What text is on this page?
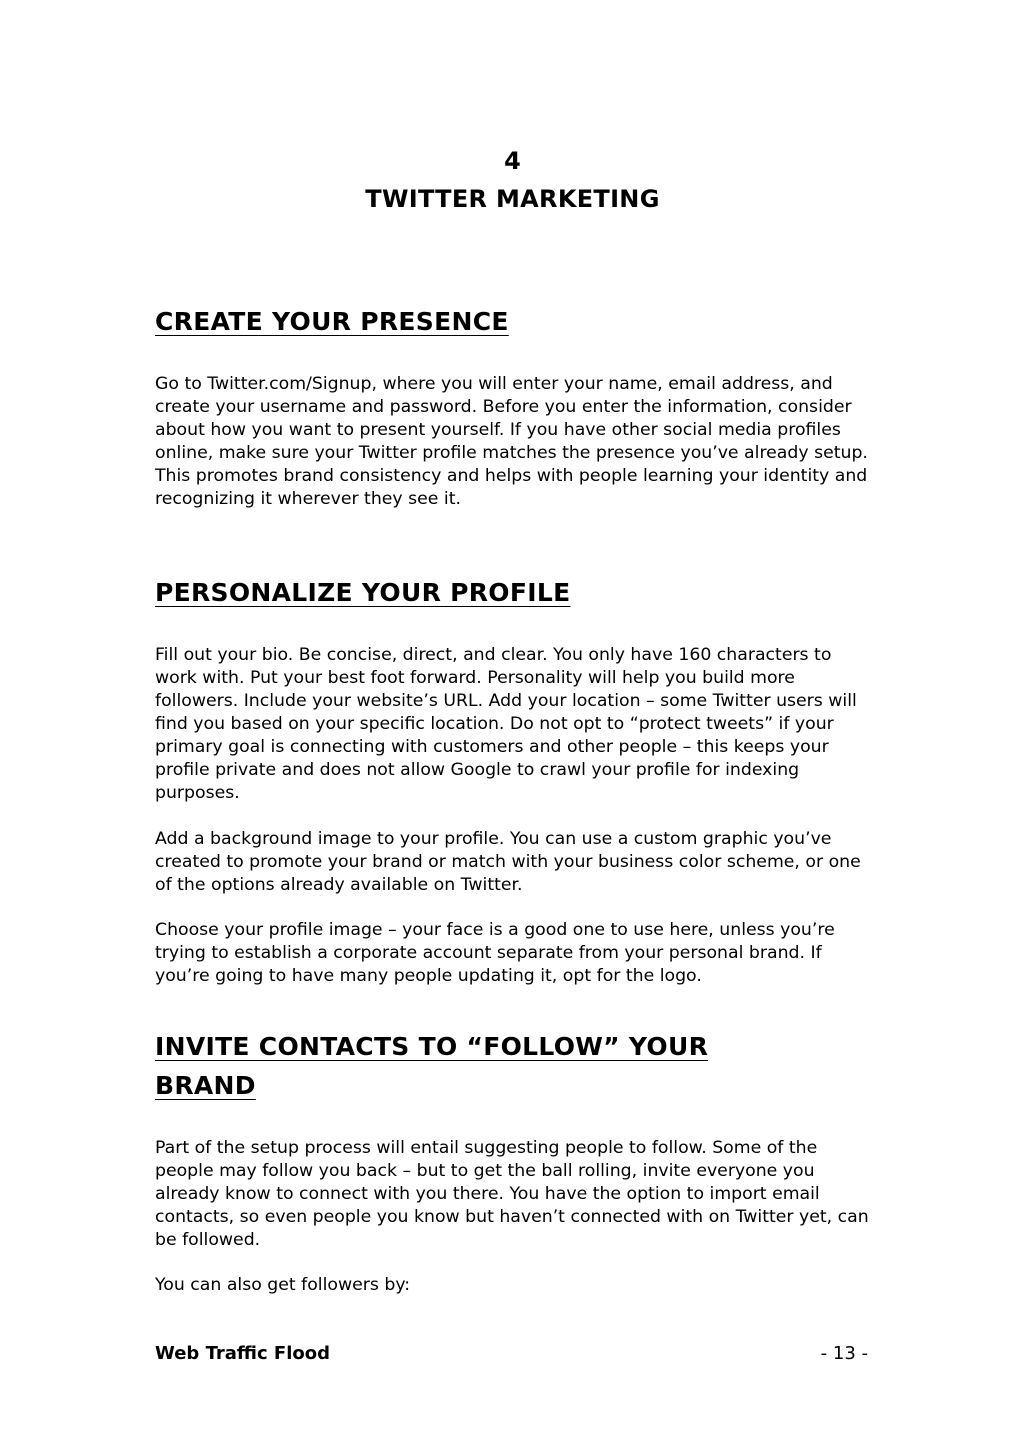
4
TWITTER MARKETING
CREATE YOUR PRESENCE

Go to Twitter.com/Signup, where you will enter your name, email address, and create your username and password. Before you enter the information, consider about how you want to present yourself. If you have other social media profiles online, make sure your Twitter profile matches the presence you’ve already setup. This promotes brand consistency and helps with people learning your identity and recognizing it wherever they see it.

PERSONALIZE YOUR PROFILE

Fill out your bio. Be concise, direct, and clear. You only have 160 characters to work with. Put your best foot forward. Personality will help you build more followers. Include your website’s URL. Add your location – some Twitter users will find you based on your specific location. Do not opt to “protect tweets” if your primary goal is connecting with customers and other people – this keeps your profile private and does not allow Google to crawl your profile for indexing purposes.

Add a background image to your profile. You can use a custom graphic you’ve created to promote your brand or match with your business color scheme, or one of the options already available on Twitter.

Choose your profile image – your face is a good one to use here, unless you’re trying to establish a corporate account separate from your personal brand. If you’re going to have many people updating it, opt for the logo.

INVITE CONTACTS TO “FOLLOW” YOUR
BRAND

Part of the setup process will entail suggesting people to follow. Some of the people may follow you back – but to get the ball rolling, invite everyone you already know to connect with you there. You have the option to import email contacts, so even people you know but haven’t connected with on Twitter yet, can be followed.

You can also get followers by:

Web Traffic Flood	- 13 -
